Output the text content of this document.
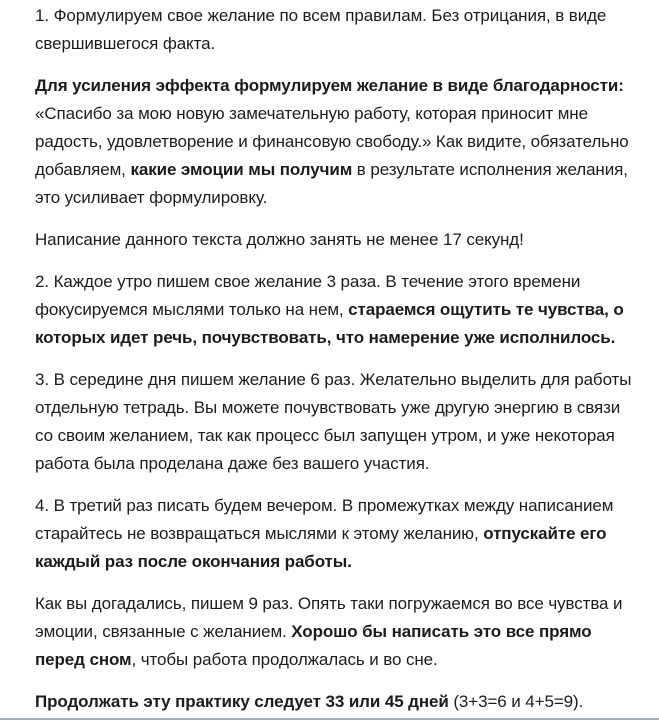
1. Формулируем свое желание по всем правилам. Без отрицания, в виде свершившегося факта.

Для усиления эффекта формулируем желание в виде благодарности: «Спасибо за мою новую замечательную работу, которая приносит мне радость, удовлетворение и финансовую свободу.» Как видите, обязательно добавляем, какие эмоции мы получим в результате исполнения желания, это усиливает формулировку.

Написание данного текста должно занять не менее 17 секунд!

2. Каждое утро пишем свое желание 3 раза. В течение этого времени фокусируемся мыслями только на нем, стараемся ощутить те чувства, о которых идет речь, почувствовать, что намерение уже исполнилось.

3. В середине дня пишем желание 6 раз. Желательно выделить для работы отдельную тетрадь. Вы можете почувствовать уже другую энергию в связи со своим желанием, так как процесс был запущен утром, и уже некоторая работа была проделана даже без вашего участия.

4. В третий раз писать будем вечером. В промежутках между написанием старайтесь не возвращаться мыслями к этому желанию, отпускайте его каждый раз после окончания работы.

Как вы догадались, пишем 9 раз. Опять таки погружаемся во все чувства и эмоции, связанные с желанием. Хорошо бы написать это все прямо перед сном, чтобы работа продолжалась и во сне.

Продолжать эту практику следует 33 или 45 дней (3+3=6 и 4+5=9).
